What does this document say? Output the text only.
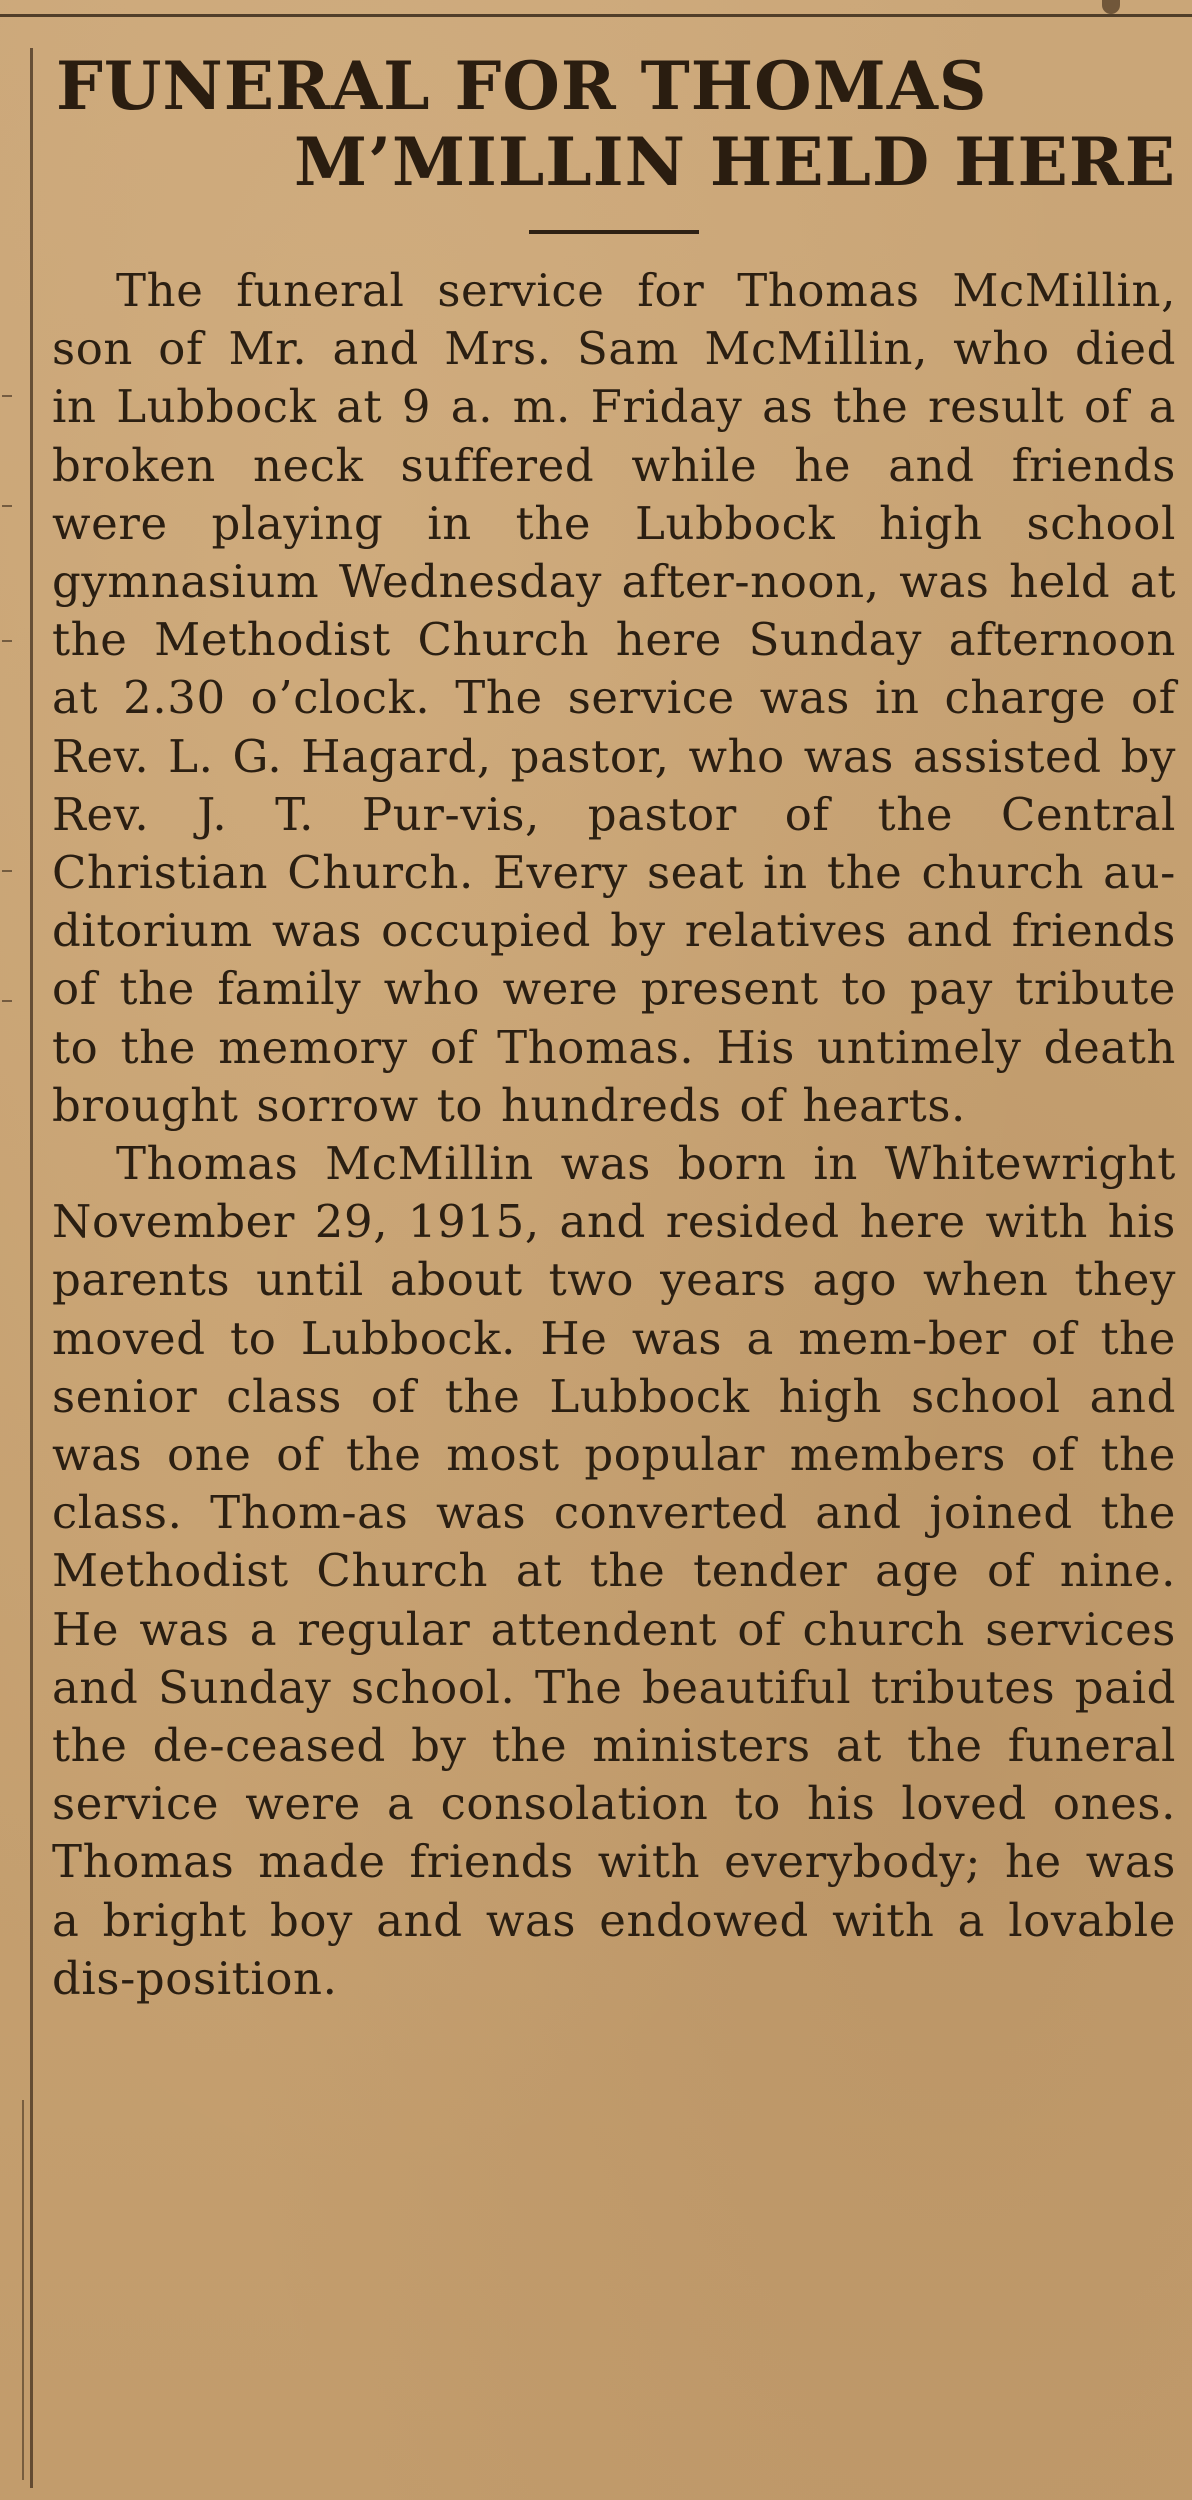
FUNERAL FOR THOMAS
M’MILLIN HELD HERE

The funeral service for Thomas McMillin, son of Mr. and Mrs. Sam McMillin, who died in Lubbock at 9 a. m. Friday as the result of a broken neck suffered while he and friends were playing in the Lubbock high school gymnasium Wednesday after-noon, was held at the Methodist Church here Sunday afternoon at 2.30 o’clock. The service was in charge of Rev. L. G. Hagard, pastor, who was assisted by Rev. J. T. Pur-vis, pastor of the Central Christian Church. Every seat in the church au-ditorium was occupied by relatives and friends of the family who were present to pay tribute to the memory of Thomas. His untimely death brought sorrow to hundreds of hearts.

Thomas McMillin was born in Whitewright November 29, 1915, and resided here with his parents until about two years ago when they moved to Lubbock. He was a mem-ber of the senior class of the Lubbock high school and was one of the most popular members of the class. Thom-as was converted and joined the Methodist Church at the tender age of nine. He was a regular attendent of church services and Sunday school. The beautiful tributes paid the de-ceased by the ministers at the funeral service were a consolation to his loved ones. Thomas made friends with everybody; he was a bright boy and was endowed with a lovable dis-position.
